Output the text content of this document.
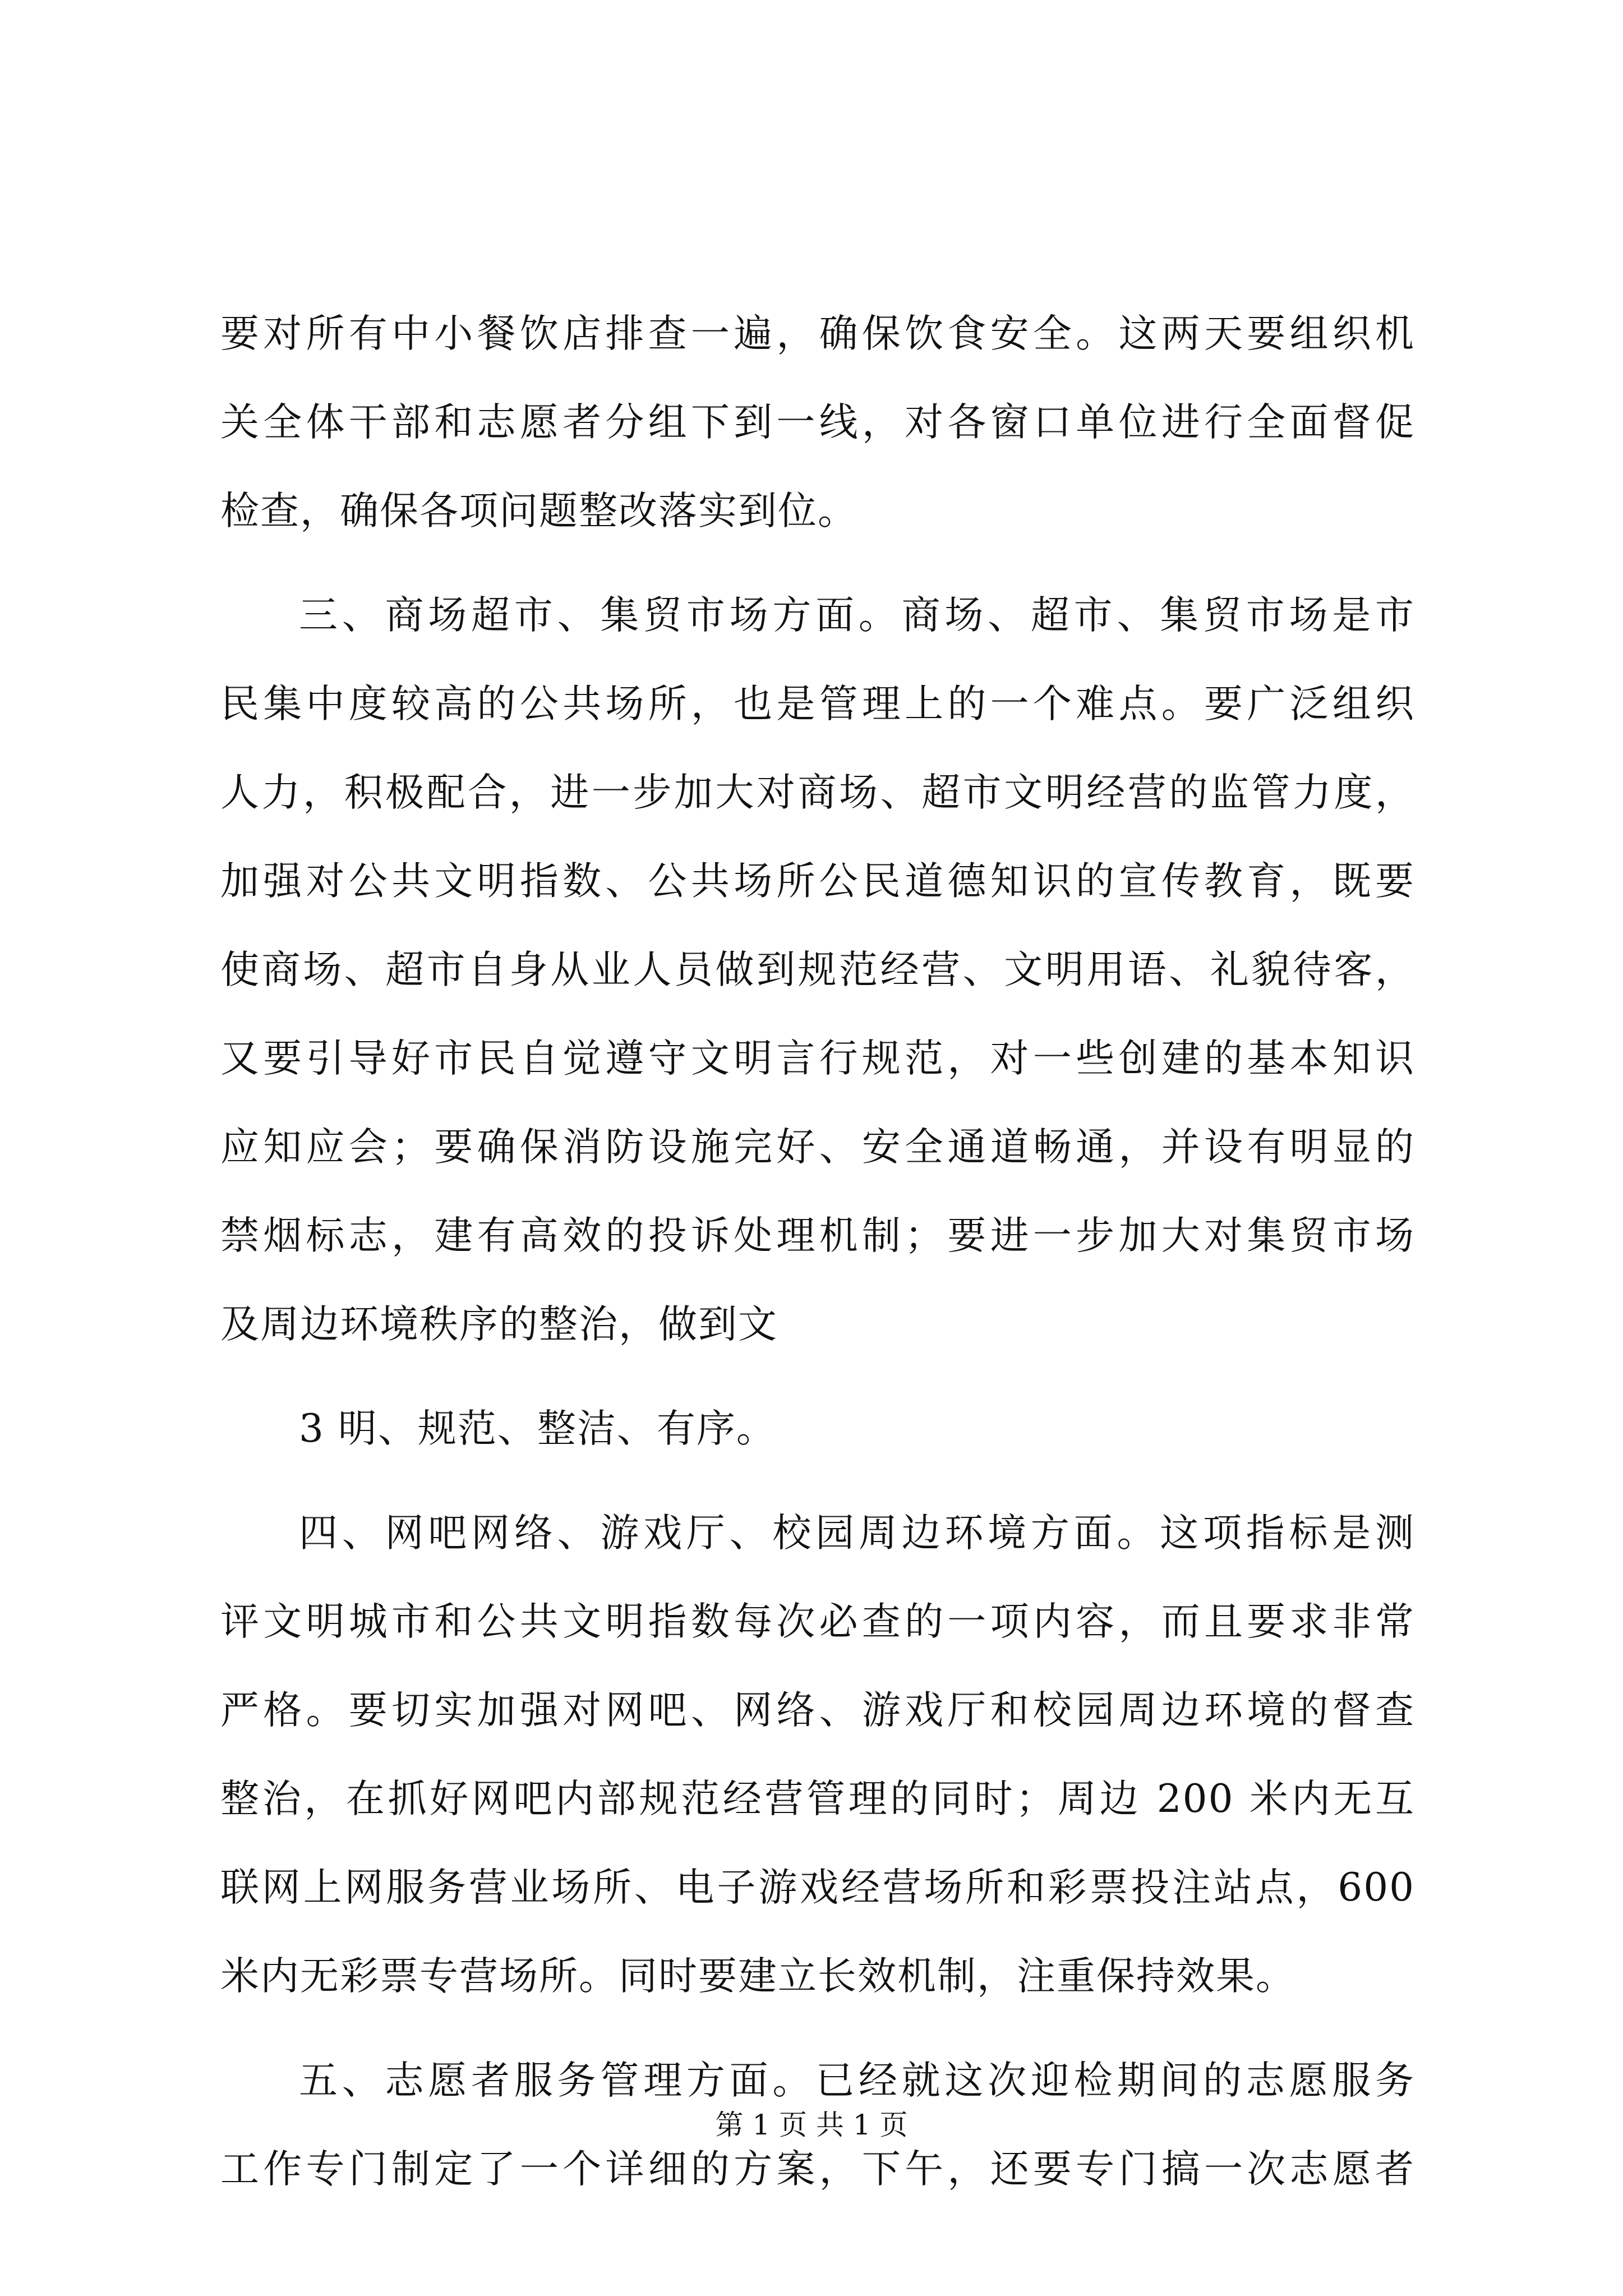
要对所有中小餐饮店排查一遍，确保饮食安全。这两天要组织机
关全体干部和志愿者分组下到一线，对各窗口单位进行全面督促
检查，确保各项问题整改落实到位。
三、商场超市、集贸市场方面。商场、超市、集贸市场是市
民集中度较高的公共场所，也是管理上的一个难点。要广泛组织
人力，积极配合，进一步加大对商场、超市文明经营的监管力度，
加强对公共文明指数、公共场所公民道德知识的宣传教育，既要
使商场、超市自身从业人员做到规范经营、文明用语、礼貌待客，
又要引导好市民自觉遵守文明言行规范，对一些创建的基本知识
应知应会；要确保消防设施完好、安全通道畅通，并设有明显的
禁烟标志，建有高效的投诉处理机制；要进一步加大对集贸市场
及周边环境秩序的整治，做到文
3 明、规范、整洁、有序。
四、网吧网络、游戏厅、校园周边环境方面。这项指标是测
评文明城市和公共文明指数每次必查的一项内容，而且要求非常
严格。要切实加强对网吧、网络、游戏厅和校园周边环境的督查
整治，在抓好网吧内部规范经营管理的同时；周边 200 米内无互
联网上网服务营业场所、电子游戏经营场所和彩票投注站点，600
米内无彩票专营场所。同时要建立长效机制，注重保持效果。
五、志愿者服务管理方面。已经就这次迎检期间的志愿服务
工作专门制定了一个详细的方案，下午，还要专门搞一次志愿者
第 1 页 共 1 页
